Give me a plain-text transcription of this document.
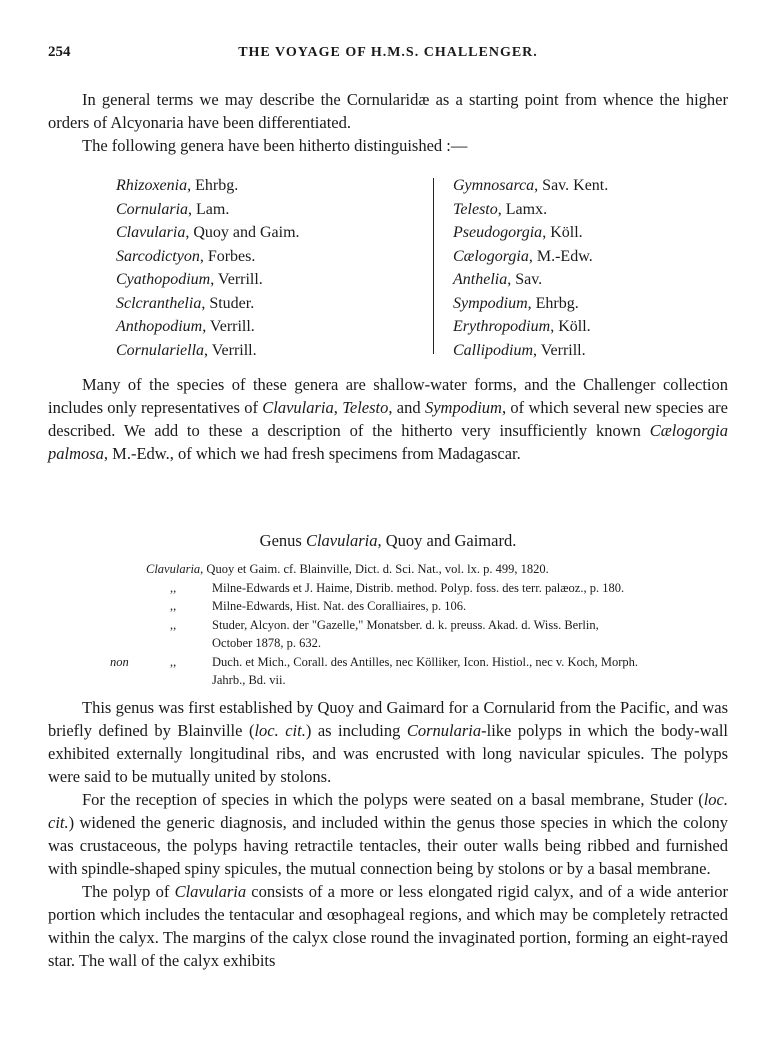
254	THE VOYAGE OF H.M.S. CHALLENGER.

In general terms we may describe the Cornularidæ as a starting point from whence the higher orders of Alcyonaria have been differentiated.

The following genera have been hitherto distinguished :—

Rhizoxenia, Ehrbg.
Cornularia, Lam.
Clavularia, Quoy and Gaim.
Sarcodictyon, Forbes.
Cyathopodium, Verrill.
Sclcranthelia, Studer.
Anthopodium, Verrill.
Cornulariella, Verrill.
Gymnosarca, Sav. Kent.
Telesto, Lamx.
Pseudogorgia, Köll.
Cælogorgia, M.-Edw.
Anthelia, Sav.
Sympodium, Ehrbg.
Erythropodium, Köll.
Callipodium, Verrill.

Many of the species of these genera are shallow-water forms, and the Challenger collection includes only representatives of Clavularia, Telesto, and Sympodium, of which several new species are described. We add to these a description of the hitherto very insufficiently known Cælogorgia palmosa, M.-Edw., of which we had fresh specimens from Madagascar.

Genus Clavularia, Quoy and Gaimard.
Clavularia, Quoy et Gaim. cf. Blainville, Dict. d. Sci. Nat., vol. lx. p. 499, 1820.
,,	Milne-Edwards et J. Haime, Distrib. method. Polyp. foss. des terr. palæoz., p. 180.
,,	Milne-Edwards, Hist. Nat. des Coralliaires, p. 106.
,,	Studer, Alcyon. der "Gazelle," Monatsber. d. k. preuss. Akad. d. Wiss. Berlin,
October 1878, p. 632.
non	,,	Duch. et Mich., Corall. des Antilles, nec Kölliker, Icon. Histiol., nec v. Koch, Morph.
Jahrb., Bd. vii.

This genus was first established by Quoy and Gaimard for a Cornularid from the Pacific, and was briefly defined by Blainville (loc. cit.) as including Cornularia-like polyps in which the body-wall exhibited externally longitudinal ribs, and was encrusted with long navicular spicules. The polyps were said to be mutually united by stolons.

For the reception of species in which the polyps were seated on a basal membrane, Studer (loc. cit.) widened the generic diagnosis, and included within the genus those species in which the colony was crustaceous, the polyps having retractile tentacles, their outer walls being ribbed and furnished with spindle-shaped spiny spicules, the mutual connection being by stolons or by a basal membrane.

The polyp of Clavularia consists of a more or less elongated rigid calyx, and of a wide anterior portion which includes the tentacular and œsophageal regions, and which may be completely retracted within the calyx. The margins of the calyx close round the invaginated portion, forming an eight-rayed star. The wall of the calyx exhibits
